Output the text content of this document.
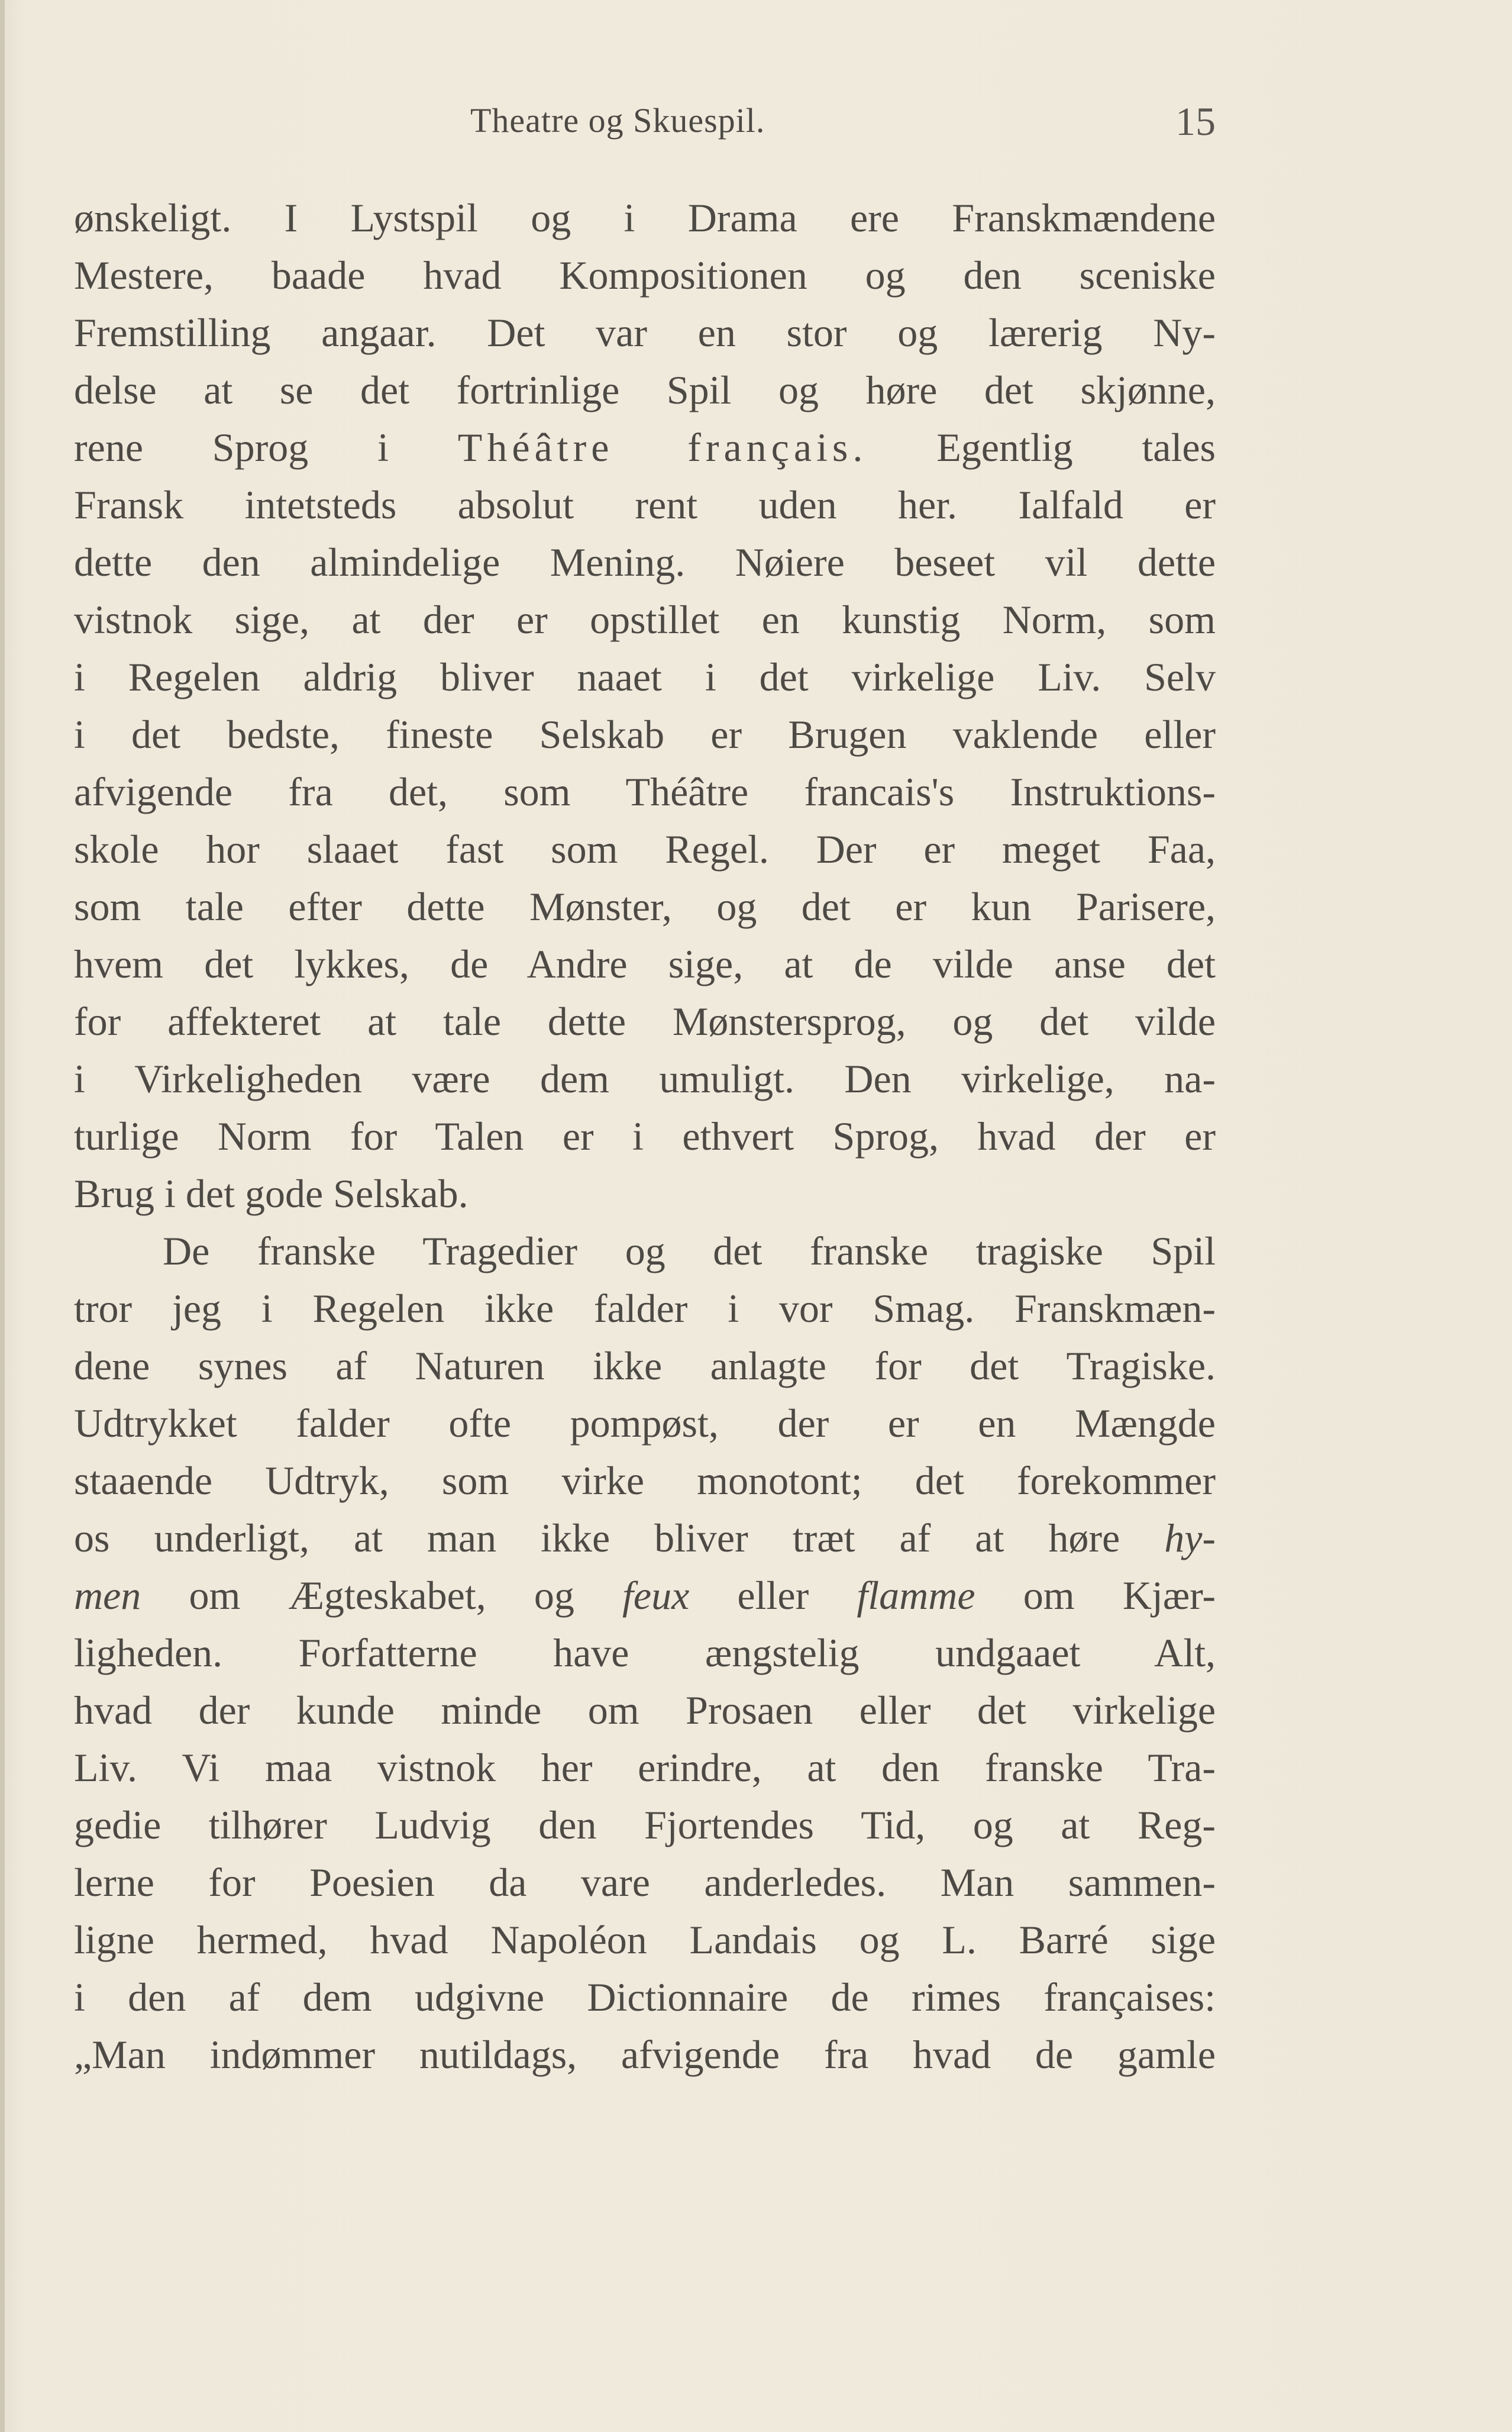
Theatre og Skuespil.	15
ønskeligt. I Lystspil og i Drama ere Franskmændene
Mestere, baade hvad Kompositionen og den sceniske
Fremstilling angaar. Det var en stor og lærerig Ny-
delse at se det fortrinlige Spil og høre det skjønne,
rene Sprog i Théâtre français. Egentlig tales
Fransk intetsteds absolut rent uden her. Ialfald er
dette den almindelige Mening. Nøiere beseet vil dette
vistnok sige, at der er opstillet en kunstig Norm, som
i Regelen aldrig bliver naaet i det virkelige Liv. Selv
i det bedste, fineste Selskab er Brugen vaklende eller
afvigende fra det, som Théâtre francais's Instruktions-
skole hor slaaet fast som Regel. Der er meget Faa,
som tale efter dette Mønster, og det er kun Parisere,
hvem det lykkes, de Andre sige, at de vilde anse det
for affekteret at tale dette Mønstersprog, og det vilde
i Virkeligheden være dem umuligt. Den virkelige, na-
turlige Norm for Talen er i ethvert Sprog, hvad der er
Brug i det gode Selskab.
De franske Tragedier og det franske tragiske Spil
tror jeg i Regelen ikke falder i vor Smag. Franskmæn-
dene synes af Naturen ikke anlagte for det Tragiske.
Udtrykket falder ofte pompøst, der er en Mængde
staaende Udtryk, som virke monotont; det forekommer
os underligt, at man ikke bliver træt af at høre hy-
men om Ægteskabet, og feux eller flamme om Kjær-
ligheden. Forfatterne have ængstelig undgaaet Alt,
hvad der kunde minde om Prosaen eller det virkelige
Liv. Vi maa vistnok her erindre, at den franske Tra-
gedie tilhører Ludvig den Fjortendes Tid, og at Reg-
lerne for Poesien da vare anderledes. Man sammen-
ligne hermed, hvad Napoléon Landais og L. Barré sige
i den af dem udgivne Dictionnaire de rimes françaises:
„Man indømmer nutildags, afvigende fra hvad de gamle
